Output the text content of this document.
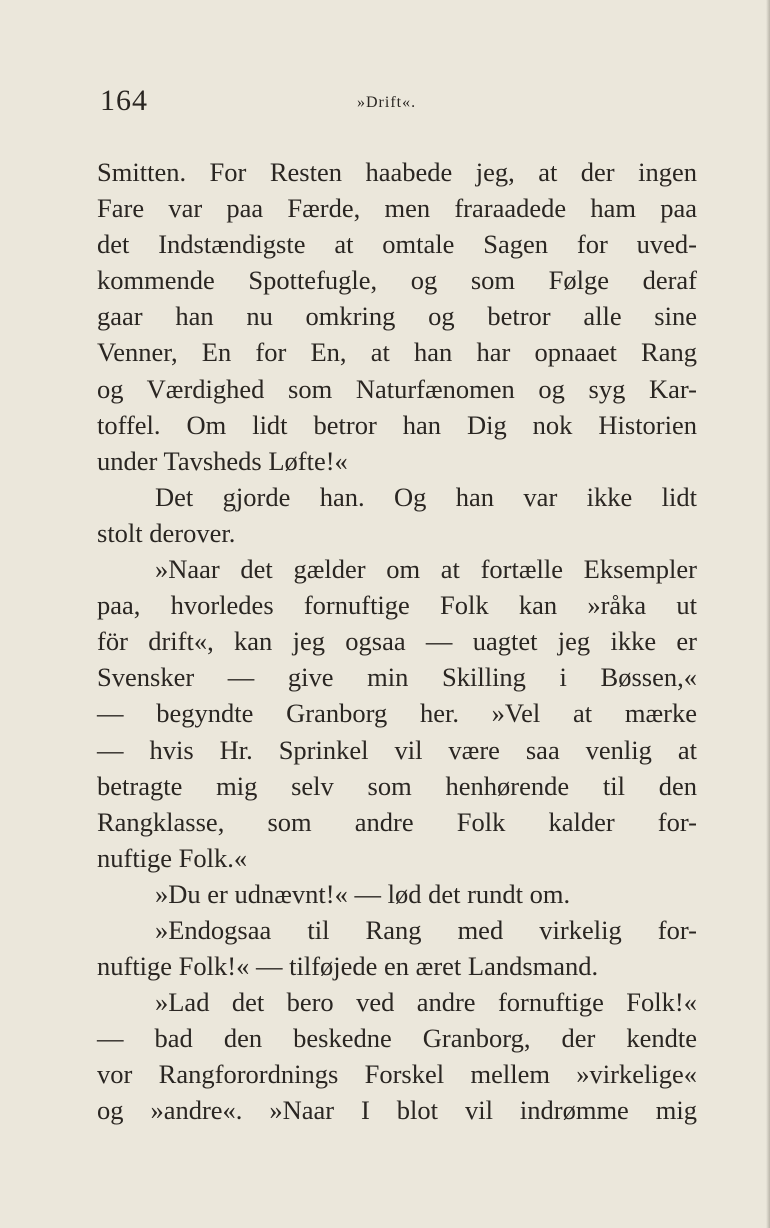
164	»Drift«.
Smitten. For Resten haabede jeg, at der ingen
Fare var paa Færde, men fraraadede ham paa
det Indstændigste at omtale Sagen for uved-
kommende Spottefugle, og som Følge deraf
gaar han nu omkring og betror alle sine
Venner, En for En, at han har opnaaet Rang
og Værdighed som Naturfænomen og syg Kar-
toffel. Om lidt betror han Dig nok Historien
under Tavsheds Løfte!«
Det gjorde han. Og han var ikke lidt
stolt derover.
»Naar det gælder om at fortælle Eksempler
paa, hvorledes fornuftige Folk kan »råka ut
för drift«, kan jeg ogsaa — uagtet jeg ikke er
Svensker — give min Skilling i Bøssen,«
— begyndte Granborg her. »Vel at mærke
— hvis Hr. Sprinkel vil være saa venlig at
betragte mig selv som henhørende til den
Rangklasse, som andre Folk kalder for-
nuftige Folk.«
»Du er udnævnt!« — lød det rundt om.
»Endogsaa til Rang med virkelig for-
nuftige Folk!« — tilføjede en æret Landsmand.
»Lad det bero ved andre fornuftige Folk!«
— bad den beskedne Granborg, der kendte
vor Rangforordnings Forskel mellem »virkelige«
og »andre«. »Naar I blot vil indrømme mig
